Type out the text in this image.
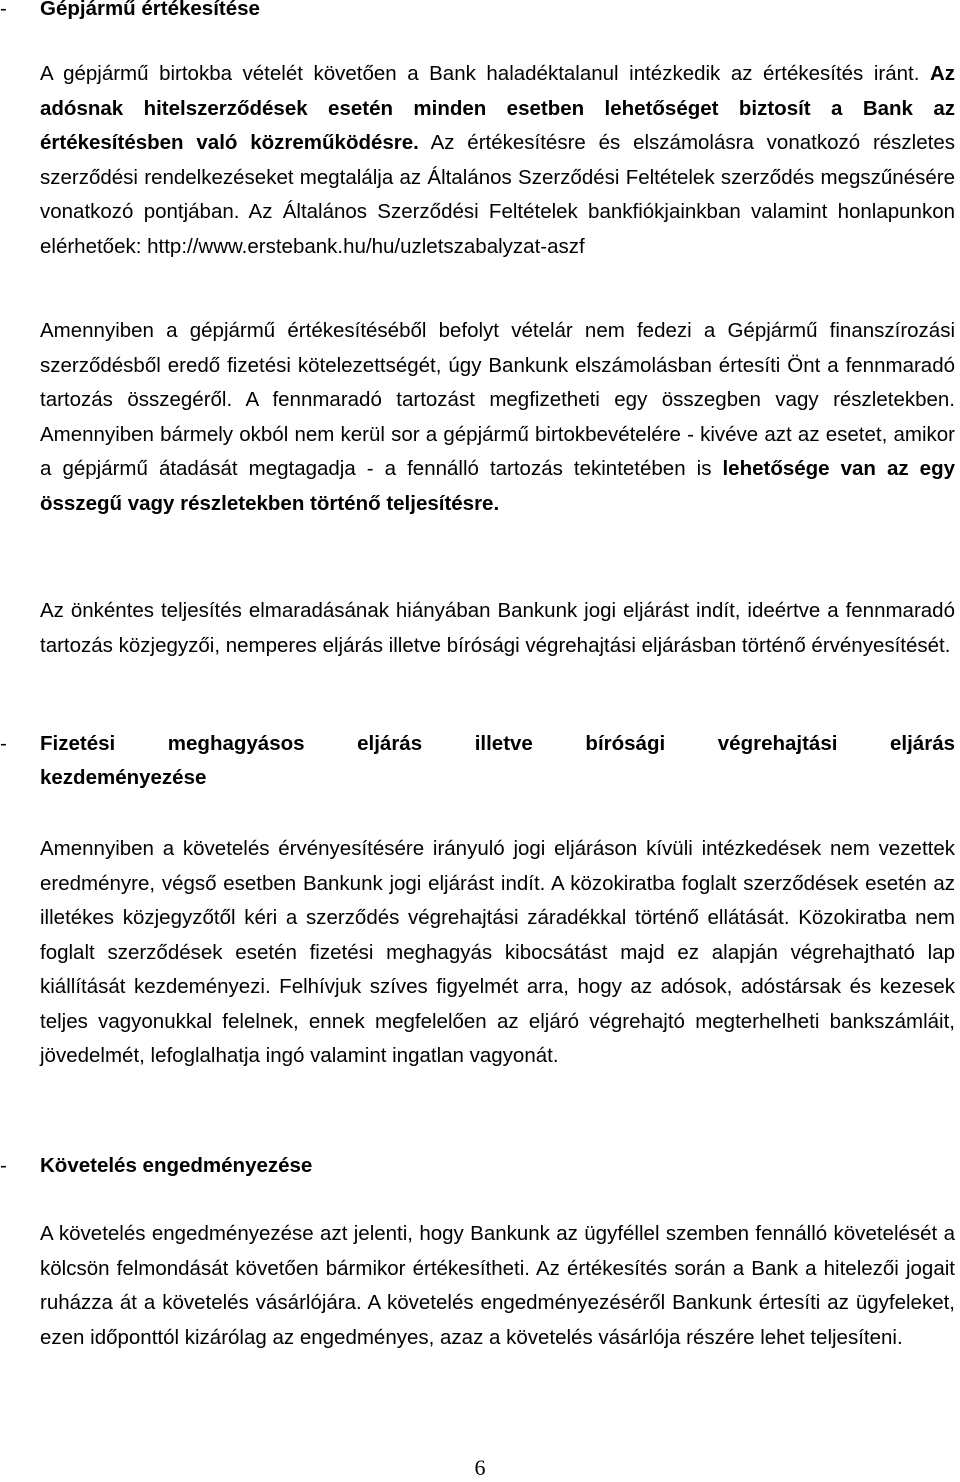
- Gépjármű értékesítése
A gépjármű birtokba vételét követően a Bank haladéktalanul intézkedik az értékesítés iránt. Az adósnak hitelszerződések esetén minden esetben lehetőséget biztosít a Bank az értékesítésben való közreműködésre. Az értékesítésre és elszámolásra vonatkozó részletes szerződési rendelkezéseket megtalálja az Általános Szerződési Feltételek szerződés megszűnésére vonatkozó pontjában. Az Általános Szerződési Feltételek bankfiókjainkban valamint honlapunkon elérhetőek: http://www.erstebank.hu/hu/uzletszabalyzat-aszf
Amennyiben a gépjármű értékesítéséből befolyt vételár nem fedezi a Gépjármű finanszírozási szerződésből eredő fizetési kötelezettségét, úgy Bankunk elszámolásban értesíti Önt a fennmaradó tartozás összegéről. A fennmaradó tartozást megfizetheti egy összegben vagy részletekben. Amennyiben bármely okból nem kerül sor a gépjármű birtokbevételére - kivéve azt az esetet, amikor a gépjármű átadását megtagadja - a fennálló tartozás tekintetében is lehetősége van az egy összegű vagy részletekben történő teljesítésre.
Az önkéntes teljesítés elmaradásának hiányában Bankunk jogi eljárást indít, ideértve a fennmaradó tartozás közjegyzői, nemperes eljárás illetve bírósági végrehajtási eljárásban történő érvényesítését.
- Fizetési meghagyásos eljárás illetve bírósági végrehajtási eljárás
kezdeményezése
Amennyiben a követelés érvényesítésére irányuló jogi eljáráson kívüli intézkedések nem vezettek eredményre, végső esetben Bankunk jogi eljárást indít. A közokiratba foglalt szerződések esetén az illetékes közjegyzőtől kéri a szerződés végrehajtási záradékkal történő ellátását. Közokiratba nem foglalt szerződések esetén fizetési meghagyás kibocsátást majd ez alapján végrehajtható lap kiállítását kezdeményezi. Felhívjuk szíves figyelmét arra, hogy az adósok, adóstársak és kezesek teljes vagyonukkal felelnek, ennek megfelelően az eljáró végrehajtó megterhelheti bankszámláit, jövedelmét, lefoglalhatja ingó valamint ingatlan vagyonát.
- Követelés engedményezése
A követelés engedményezése azt jelenti, hogy Bankunk az ügyféllel szemben fennálló követelését a kölcsön felmondását követően bármikor értékesítheti. Az értékesítés során a Bank a hitelezői jogait ruházza át a követelés vásárlójára. A követelés engedményezéséről Bankunk értesíti az ügyfeleket, ezen időponttól kizárólag az engedményes, azaz a követelés vásárlója részére lehet teljesíteni.
6
